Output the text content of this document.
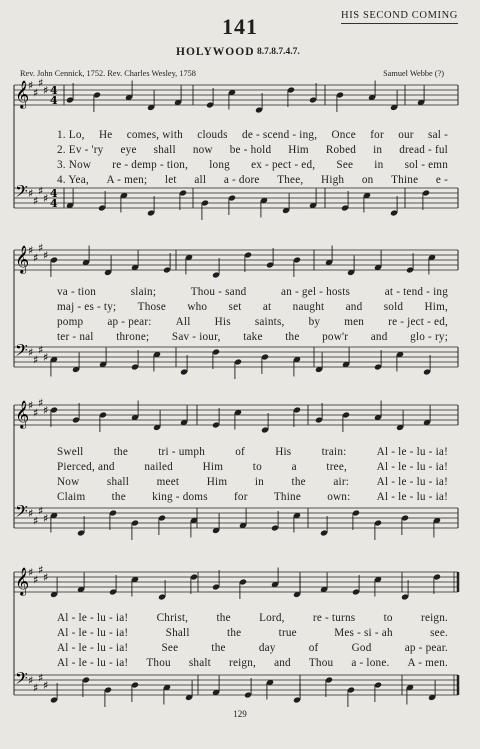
141	HIS SECOND COMING
HOLYWOOD 8.7.8.7.4.7.
Rev. John Cennick, 1752. Rev. Charles Wesley, 1758	Samuel Webbe (?)
𝄞
♯
♯
♯
♯ 4
4
𝄢 ♯
♯
♯
♯ 4
4
𝄞
♯
♯
♯
♯
𝄢 ♯
♯
♯
♯
𝄞
♯
♯
♯
♯
𝄢 ♯
♯
♯
♯
𝄞
♯
♯
♯
♯
𝄢 ♯
♯
♯
♯
1. Lo, He comes, with clouds de - scend - ing, Once for our sal -
2. Ev - 'ry eye shall now be - hold Him Robed in dread - ful
3. Now re - demp - tion, long ex - pect - ed, See in sol - emn
4. Yea, A - men; let all a - dore Thee, High on Thine e -
va - tion	slain;	Thou - sand	an - gel - hosts	at - tend - ing
maj - es - ty; Those who set at naught and sold Him,
pomp ap - pear: All His saints, by men re - ject - ed,
ter - nal throne; Sav - iour, take the pow'r and glo - ry;
Swell	the	tri - umph	of	His	train:	Al - le - lu - ia!
Pierced, and	nailed	Him	to	a	tree,	Al - le - lu - ia!
Now shall meet Him in the air: Al - le - lu - ia!
Claim the king - doms for Thine own: Al - le - lu - ia!
Al - le - lu - ia!	Christ,	the	Lord,	re - turns	to	reign.
Al - le - lu - ia!	Shall	the	true	Mes - si - ah	see.
Al - le - lu - ia!	See	the	day	of	God	ap - pear.
Al - le - lu - ia! Thou shalt reign, and Thou a - lone. A - men.
129
